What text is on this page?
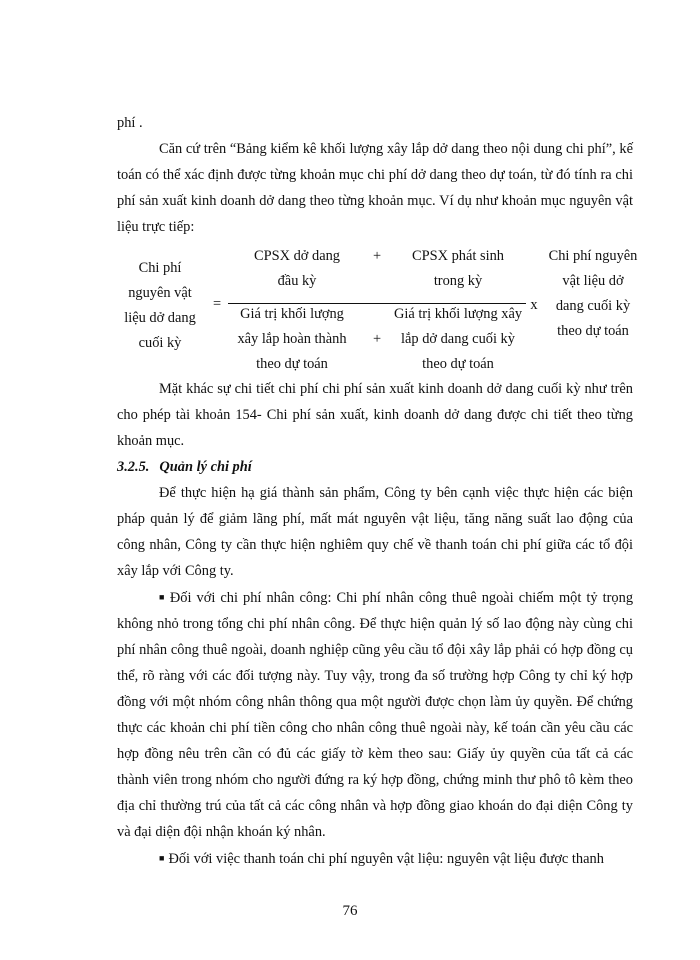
phí .

Căn cứ trên “Bảng kiểm kê khối lượng xây lắp dở dang theo nội dung chi phí”, kế toán có thể xác định được từng khoản mục chi phí dở dang theo dự toán, từ đó tính ra chi phí sản xuất kinh doanh dở dang theo từng khoản mục. Ví dụ như khoản mục nguyên vật liệu trực tiếp:

Chi phí nguyên vật liệu dở dang cuối kỳ
=
CPSX dở dang đầu kỳ
+	CPSX phát sinh trong kỳ
Giá trị khối lượng xây lắp hoàn thành theo dự toán
+
Giá trị khối lượng xây lắp dở dang cuối kỳ theo dự toán
x
Chi phí nguyên vật liệu dở dang cuối kỳ theo dự toán

Mặt khác sự chi tiết chi phí chi phí sản xuất kinh doanh dở dang cuối kỳ như trên cho phép tài khoản 154- Chi phí sản xuất, kinh doanh dở dang được chi tiết theo từng khoản mục.

3.2.5. Quản lý chi phí

Để thực hiện hạ giá thành sản phẩm, Công ty bên cạnh việc thực hiện các biện pháp quản lý để giảm lãng phí, mất mát nguyên vật liệu, tăng năng suất lao động của công nhân, Công ty cần thực hiện nghiêm quy chế về thanh toán chi phí giữa các tổ đội xây lắp với Công ty.

■ Đối với chi phí nhân công: Chi phí nhân công thuê ngoài chiếm một tỷ trọng không nhỏ trong tổng chi phí nhân công. Để thực hiện quản lý số lao động này cùng chi phí nhân công thuê ngoài, doanh nghiệp cũng yêu cầu tổ đội xây lắp phải có hợp đồng cụ thể, rõ ràng với các đối tượng này. Tuy vậy, trong đa số trường hợp Công ty chỉ ký hợp đồng với một nhóm công nhân thông qua một người được chọn làm ủy quyền. Để chứng thực các khoản chi phí tiền công cho nhân công thuê ngoài này, kế toán cần yêu cầu các hợp đồng nêu trên cần có đủ các giấy tờ kèm theo sau: Giấy ủy quyền của tất cả các thành viên trong nhóm cho người đứng ra ký hợp đồng, chứng minh thư phô tô kèm theo địa chỉ thường trú của tất cả các công nhân và hợp đồng giao khoán do đại diện Công ty và đại diện đội nhận khoán ký nhân.

■ Đối với việc thanh toán chi phí nguyên vật liệu: nguyên vật liệu được thanh

76
